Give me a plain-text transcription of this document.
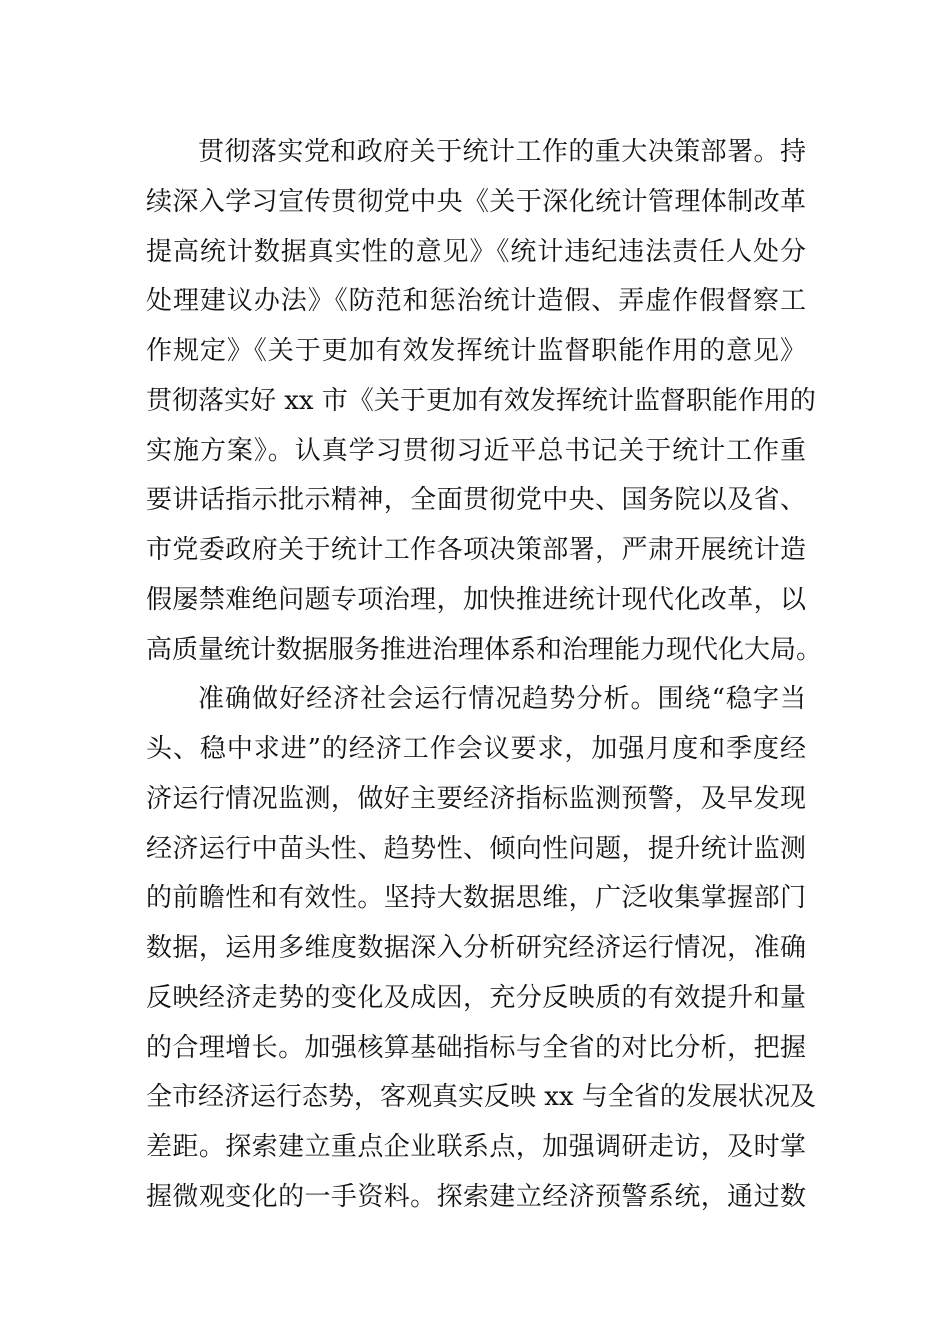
贯彻落实党和政府关于统计工作的重大决策部署。持
续深入学习宣传贯彻党中央《关于深化统计管理体制改革
提高统计数据真实性的意见》《统计违纪违法责任人处分
处理建议办法》《防范和惩治统计造假、弄虚作假督察工
作规定》《关于更加有效发挥统计监督职能作用的意见》
贯彻落实好 xx 市《关于更加有效发挥统计监督职能作用的
实施方案》。认真学习贯彻习近平总书记关于统计工作重
要讲话指示批示精神，全面贯彻党中央、国务院以及省、
市党委政府关于统计工作各项决策部署，严肃开展统计造
假屡禁难绝问题专项治理，加快推进统计现代化改革，以
高质量统计数据服务推进治理体系和治理能力现代化大局。
准确做好经济社会运行情况趋势分析。围绕“稳字当
头、稳中求进”的经济工作会议要求，加强月度和季度经
济运行情况监测，做好主要经济指标监测预警，及早发现
经济运行中苗头性、趋势性、倾向性问题，提升统计监测
的前瞻性和有效性。坚持大数据思维，广泛收集掌握部门
数据，运用多维度数据深入分析研究经济运行情况，准确
反映经济走势的变化及成因，充分反映质的有效提升和量
的合理增长。加强核算基础指标与全省的对比分析，把握
全市经济运行态势，客观真实反映 xx 与全省的发展状况及
差距。探索建立重点企业联系点，加强调研走访，及时掌
握微观变化的一手资料。探索建立经济预警系统，通过数
